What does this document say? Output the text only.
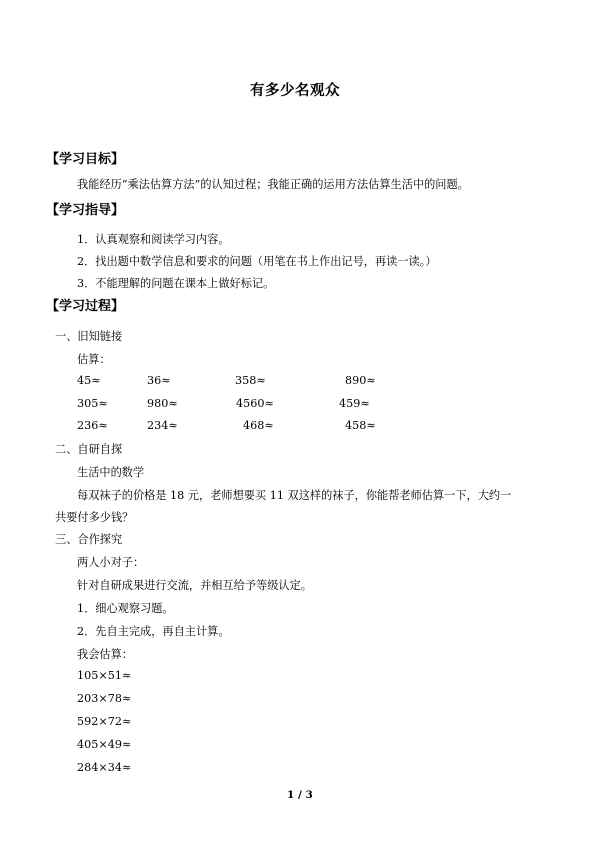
有多少名观众
【学习目标】
我能经历“乘法估算方法”的认知过程；我能正确的运用方法估算生活中的问题。
【学习指导】
1．认真观察和阅读学习内容。
2．找出题中数学信息和要求的问题（用笔在书上作出记号，再读一读。）
3．不能理解的问题在课本上做好标记。
【学习过程】
一、旧知链接
估算：
45≈	36≈	358≈	890≈
305≈	980≈	4560≈	459≈
236≈	234≈	468≈	458≈
二、自研自探
生活中的数学
每双袜子的价格是 18 元，老师想要买 11 双这样的袜子，你能帮老师估算一下，大约一
共要付多少钱？
三、合作探究
两人小对子：
针对自研成果进行交流，并相互给予等级认定。
1．细心观察习题。
2．先自主完成，再自主计算。
我会估算：
105×51≈
203×78≈
592×72≈
405×49≈
284×34≈
1 / 3
